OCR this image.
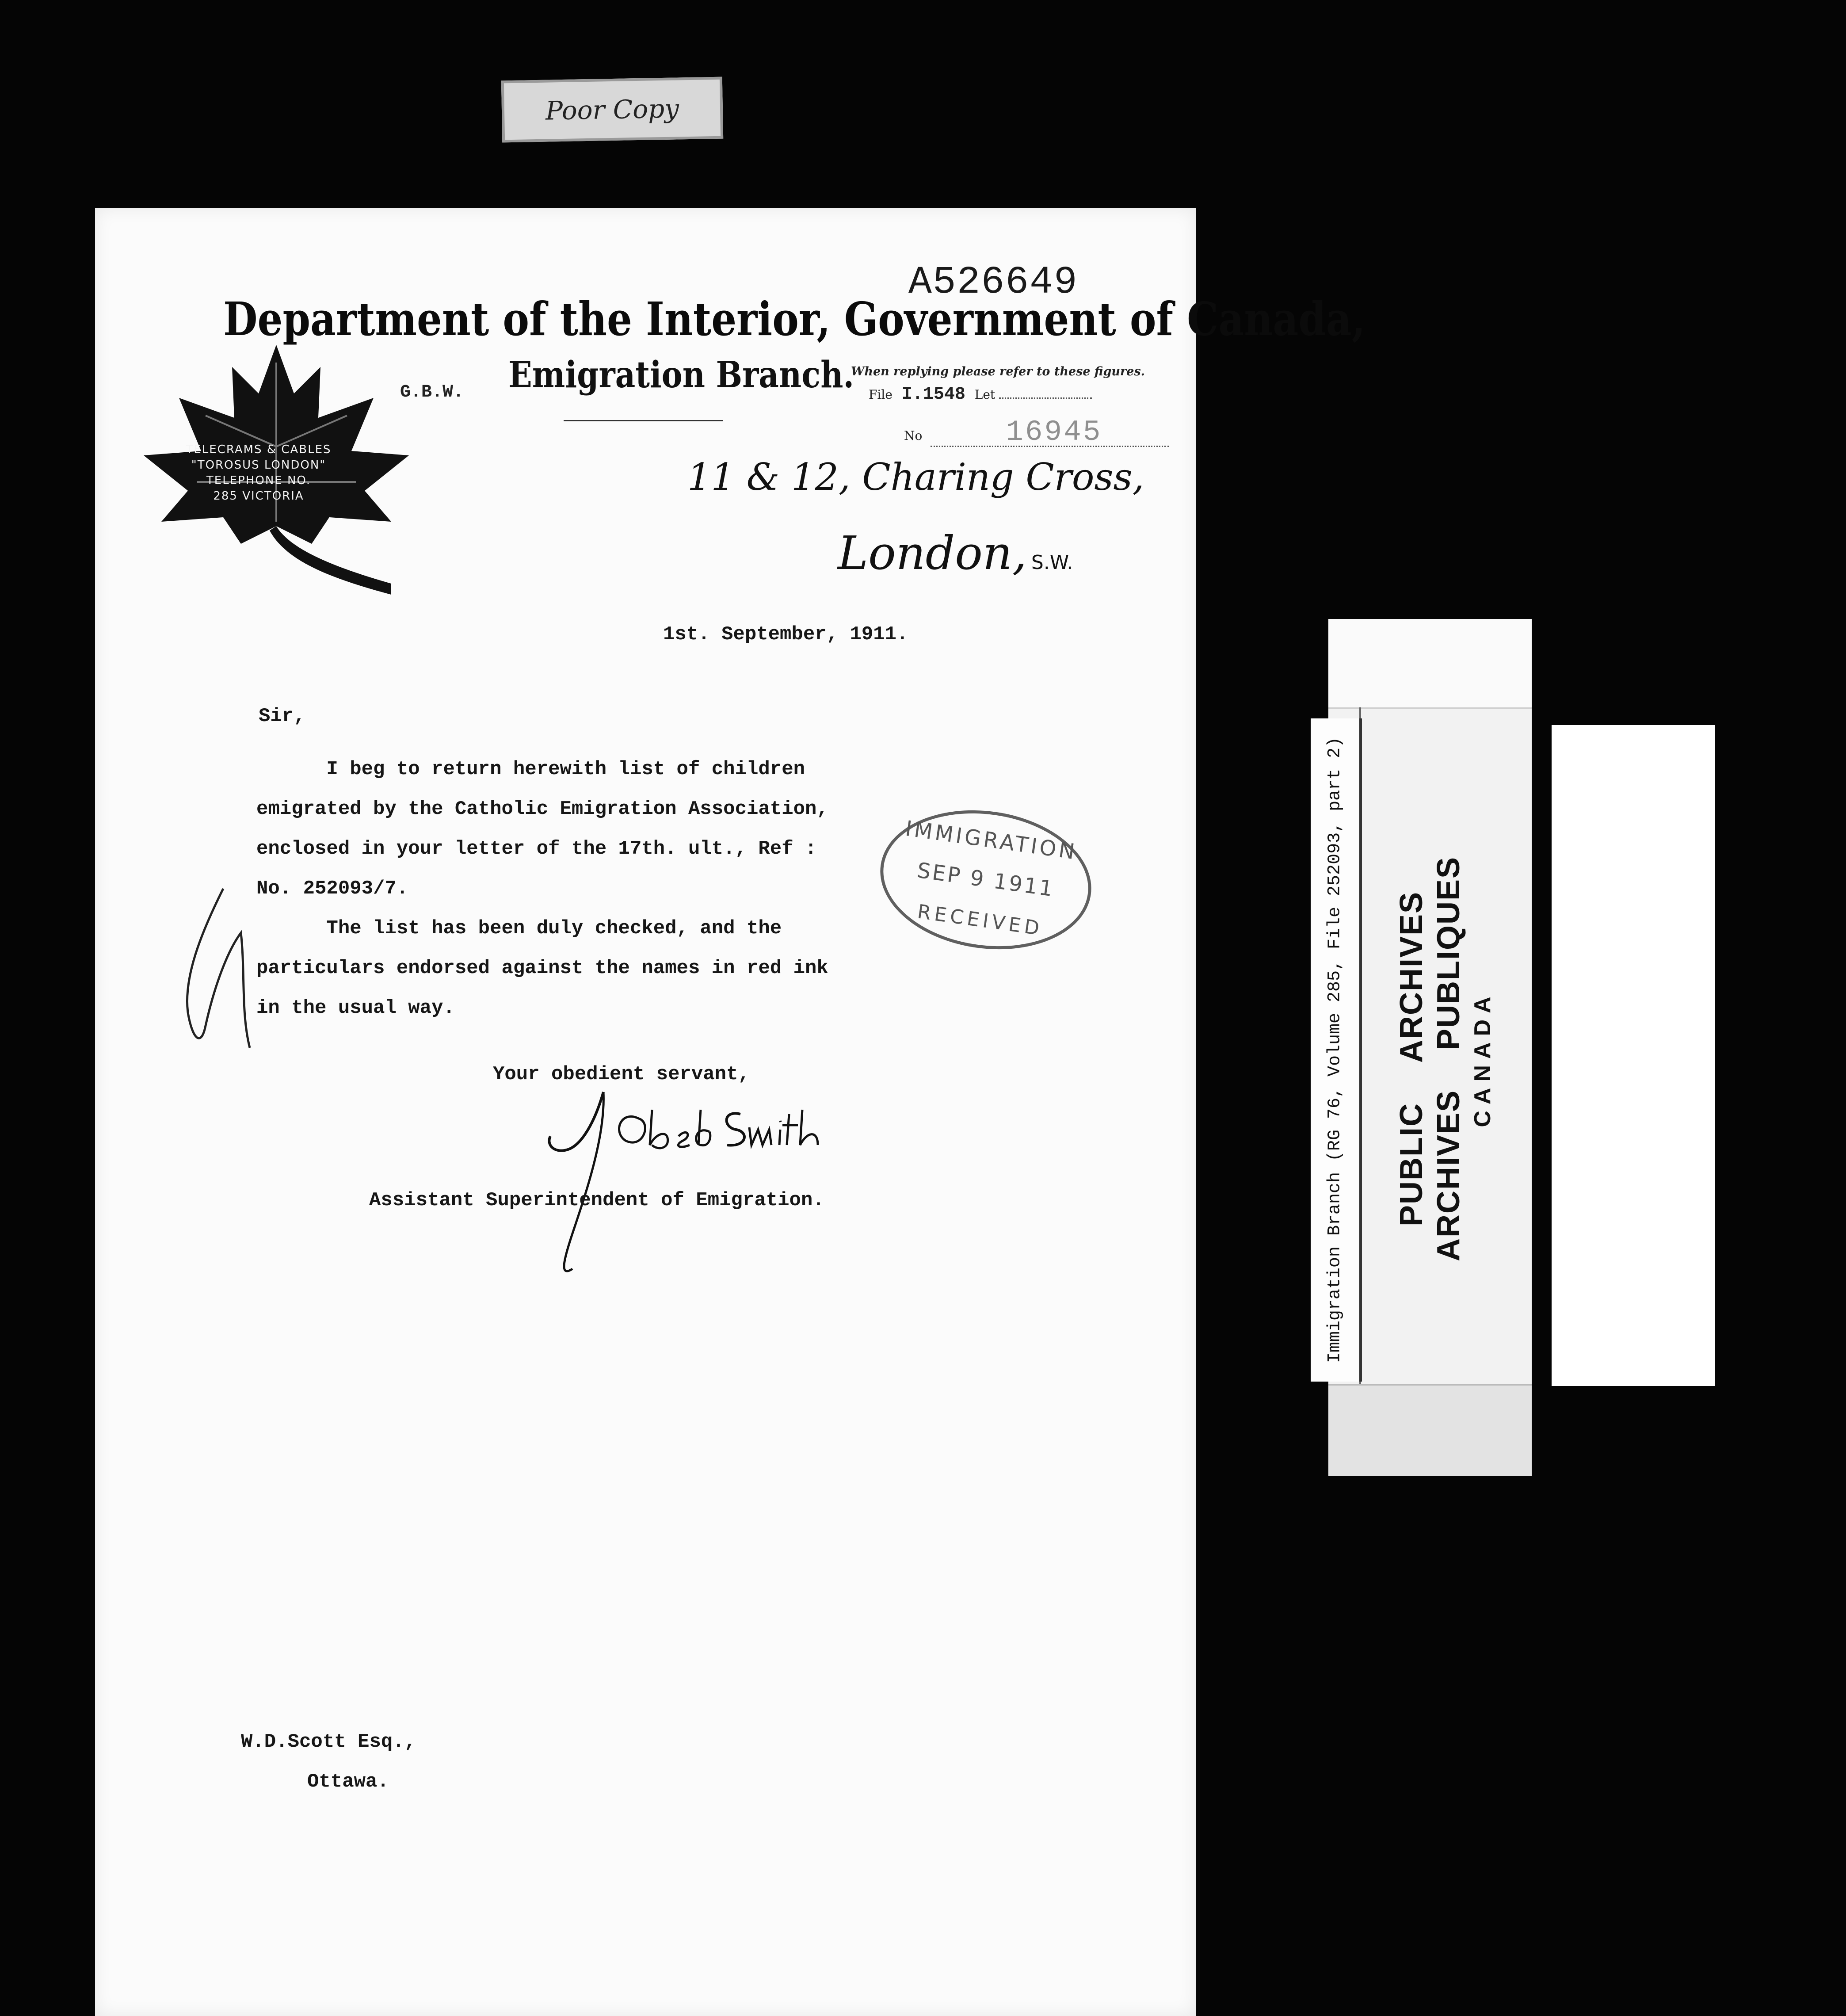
Poor Copy
A526649
Department of the Interior, Government of Canada,
TELECRAMS & CABLES
"TOROSUS LONDON"
TELEPHONE NO.
285 VICTORIA
G.B.W. Emigration Branch.
When replying please refer to these figures.
File I.1548 Let
No	16945
11 & 12, Charing Cross,
London, S.W.
1st. September, 1911.
Sir,
I beg to return herewith list of children
emigrated by the Catholic Emigration Association,
enclosed in your letter of the 17th. ult., Ref :
No. 252093/7.
The list has been duly checked, and the
particulars endorsed against the names in red ink
in the usual way.
IMMIGRATION
SEP 9 1911
RECEIVED
Your obedient servant,
Assistant Superintendent of Emigration.
W.D.Scott Esq.,
Ottawa.
Immigration Branch (RG 76, Volume 285, File 252093, part 2) PUBLICARCHIVES
ARCHIVESPUBLIQUES
CANADA
